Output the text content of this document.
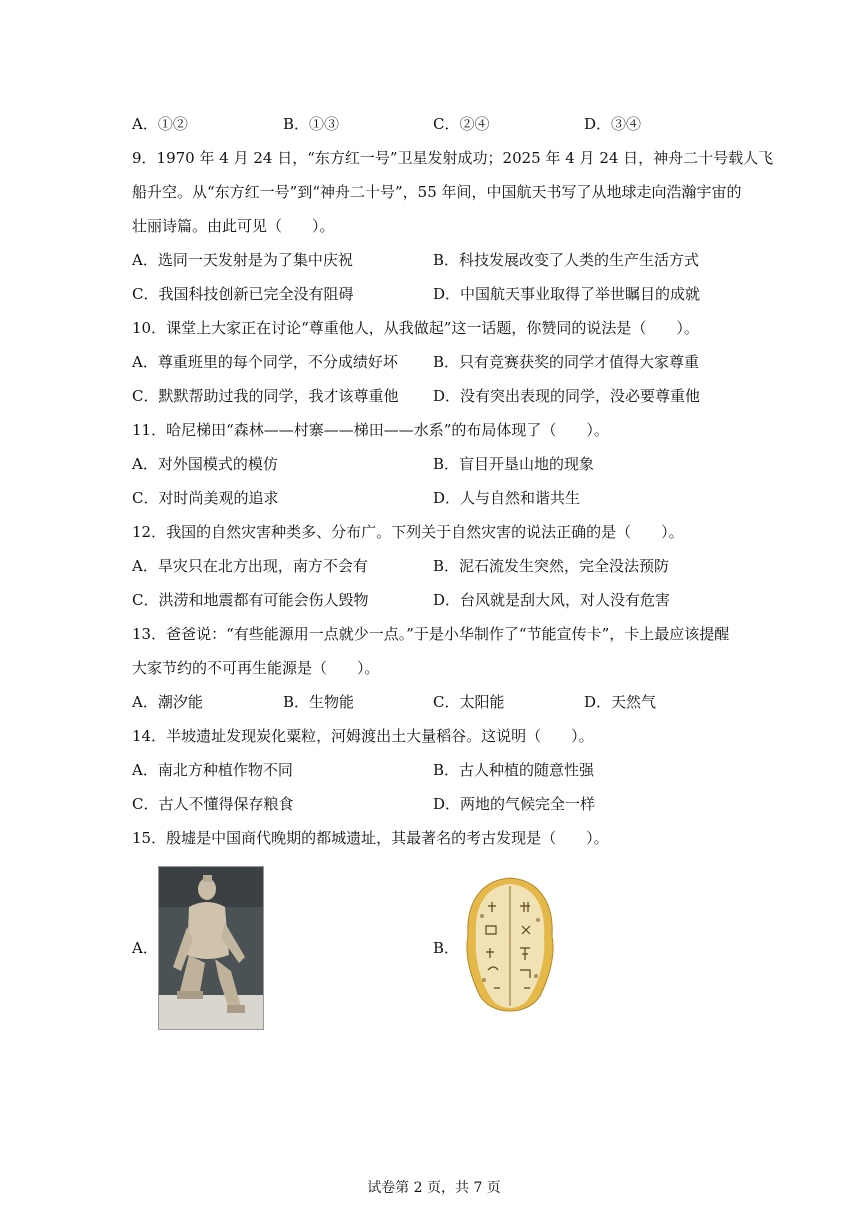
A．①②	B．①③	C．②④	D．③④
9．1970 年 4 月 24 日，“东方红一号”卫星发射成功；2025 年 4 月 24 日，神舟二十号载人飞
船升空。从“东方红一号”到“神舟二十号”，55 年间，中国航天书写了从地球走向浩瀚宇宙的
壮丽诗篇。由此可见（　　）。
A．选同一天发射是为了集中庆祝	B．科技发展改变了人类的生产生活方式
C．我国科技创新已完全没有阻碍	D．中国航天事业取得了举世瞩目的成就
10．课堂上大家正在讨论“尊重他人，从我做起”这一话题，你赞同的说法是（　　）。
A．尊重班里的每个同学，不分成绩好坏 B．只有竞赛获奖的同学才值得大家尊重
C．默默帮助过我的同学，我才该尊重他 D．没有突出表现的同学，没必要尊重他
11．哈尼梯田“森林——村寨——梯田——水系”的布局体现了（　　）。
A．对外国模式的模仿	B．盲目开垦山地的现象
C．对时尚美观的追求	D．人与自然和谐共生
12．我国的自然灾害种类多、分布广。下列关于自然灾害的说法正确的是（　　）。
A．旱灾只在北方出现，南方不会有	B．泥石流发生突然，完全没法预防
C．洪涝和地震都有可能会伤人毁物	D．台风就是刮大风，对人没有危害
13．爸爸说：“有些能源用一点就少一点。”于是小华制作了“节能宣传卡”，卡上最应该提醒
大家节约的不可再生能源是（　　）。
A．潮汐能	B．生物能	C．太阳能	D．天然气
14．半坡遗址发现炭化粟粒，河姆渡出土大量稻谷。这说明（　　）。
A．南北方种植作物不同	B．古人种植的随意性强
C．古人不懂得保存粮食	D．两地的气候完全一样
15．殷墟是中国商代晚期的都城遗址，其最著名的考古发现是（　　）。
A．	B．
试卷第 2 页，共 7 页
